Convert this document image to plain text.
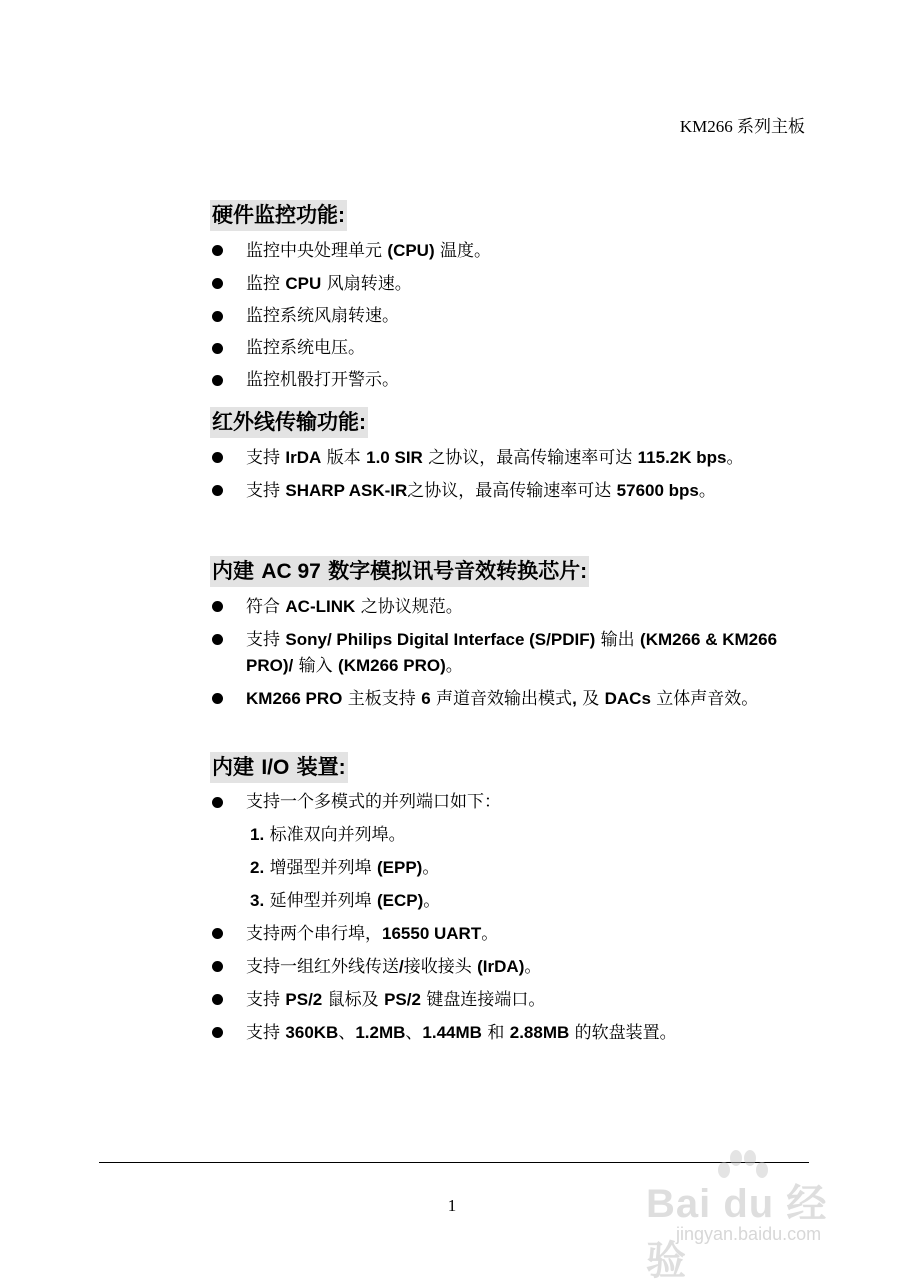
KM266 系列主板
硬件监控功能:
监控中央处理单元 (CPU) 温度。
监控 CPU 风扇转速。
监控系统风扇转速。
监控系统电压。
监控机骰打开警示。
红外线传输功能:
支持 IrDA 版本 1.0 SIR 之协议，最高传输速率可达 115.2K bps。
支持 SHARP ASK-IR之协议，最高传输速率可达 57600 bps。
内建 AC 97 数字模拟讯号音效转换芯片:
符合 AC-LINK 之协议规范。
支持 Sony/ Philips Digital Interface (S/PDIF) 输出 (KM266 & KM266 PRO)/ 输入 (KM266 PRO)。
KM266 PRO 主板支持 6 声道音效输出模式, 及 DACs 立体声音效。
内建 I/O 装置:
支持一个多模式的并列端口如下：
1. 标准双向并列埠。
2. 增强型并列埠 (EPP)。
3. 延伸型并列埠 (ECP)。
支持两个串行埠，16550 UART。
支持一组红外线传送/接收接头 (IrDA)。
支持 PS/2 鼠标及 PS/2 键盘连接端口。
支持 360KB、1.2MB、1.44MB 和 2.88MB 的软盘装置。
1	Bai du 经验
jingyan.baidu.com
